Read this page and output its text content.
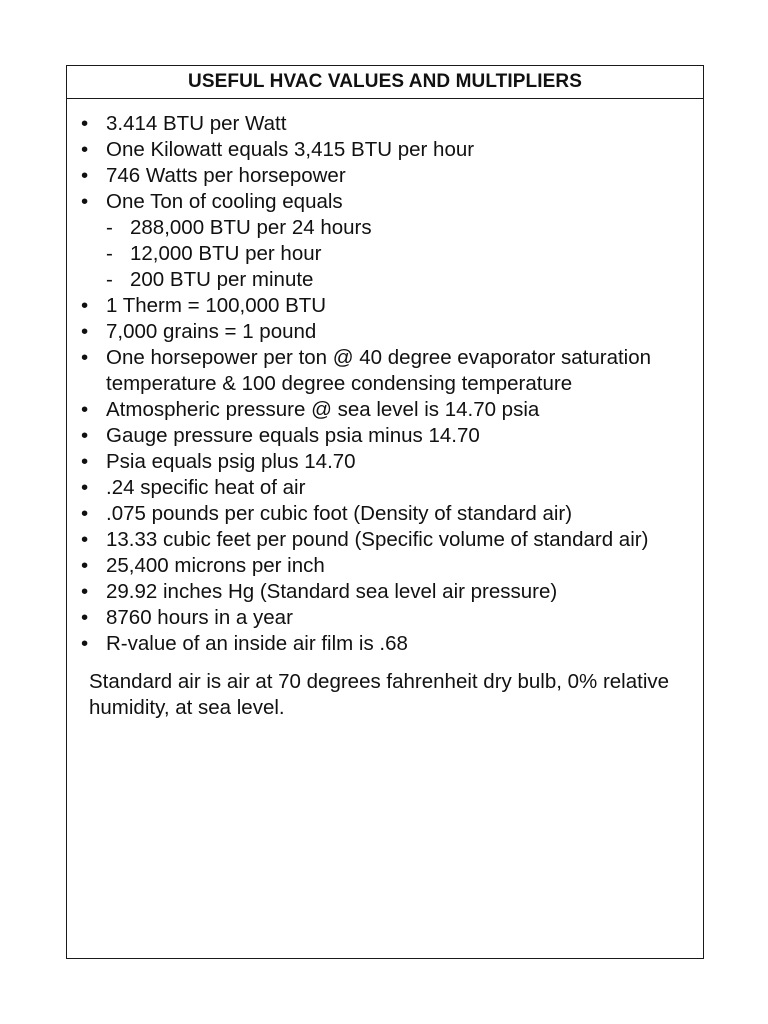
USEFUL HVAC VALUES AND MULTIPLIERS
• 3.414 BTU per Watt
• One Kilowatt equals 3,415 BTU per hour
• 746 Watts per horsepower
• One Ton of cooling equals
- 288,000 BTU per 24 hours
- 12,000 BTU per hour
- 200 BTU per minute
• 1 Therm = 100,000 BTU
• 7,000 grains = 1 pound
• One horsepower per ton @ 40 degree evaporator saturation temperature & 100 degree condensing temperature
• Atmospheric pressure @ sea level is 14.70 psia
• Gauge pressure equals psia minus 14.70
• Psia equals psig plus 14.70
• .24 specific heat of air
• .075 pounds per cubic foot (Density of standard air)
• 13.33 cubic feet per pound (Specific volume of standard air)
• 25,400 microns per inch
• 29.92 inches Hg (Standard sea level air pressure)
• 8760 hours in a year
• R-value of an inside air film is .68
Standard air is air at 70 degrees fahrenheit dry bulb, 0% relative humidity, at sea level.
